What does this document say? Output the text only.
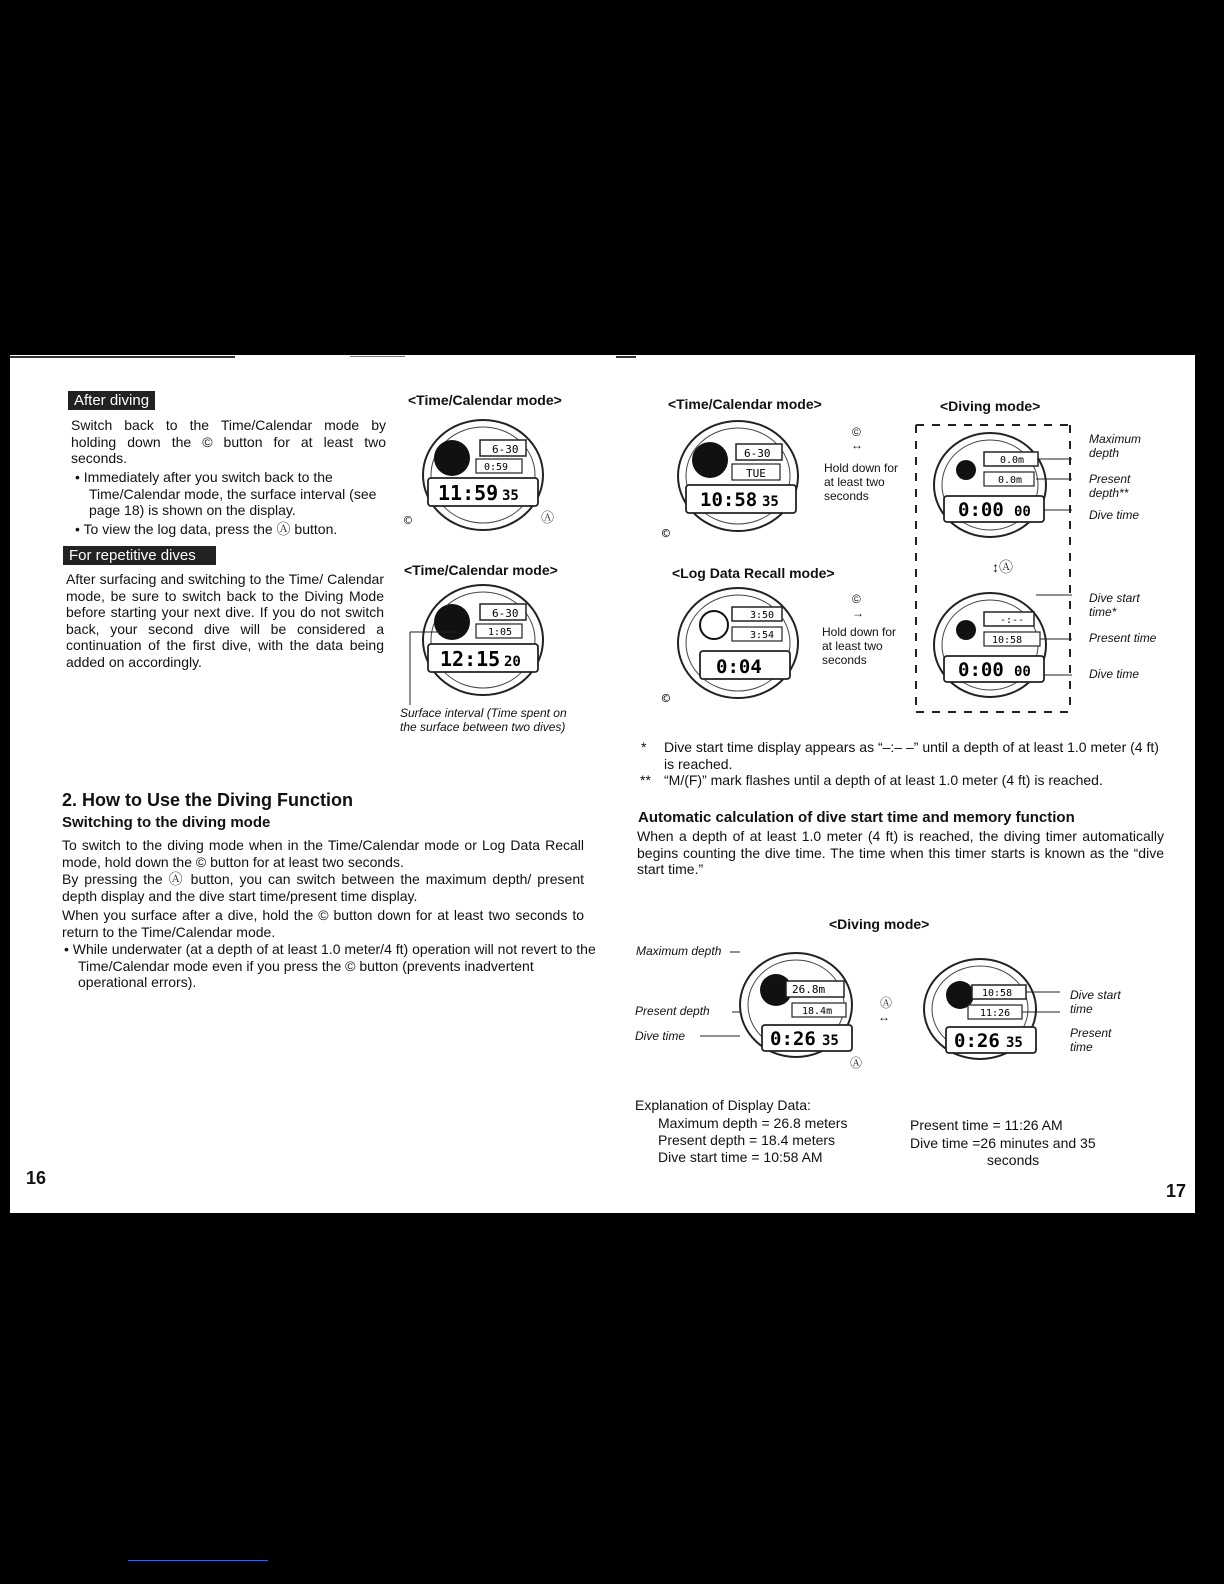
After diving
Switch back to the Time/Calendar mode by holding down the © button for at least two seconds.
• Immediately after you switch back to the Time/Calendar mode, the surface interval (see page 18) is shown on the display.
• To view the log data, press the Ⓐ button.
For repetitive dives
After surfacing and switching to the Time/ Calendar mode, be sure to switch back to the Diving Mode before starting your next dive. If you do not switch back, your second dive will be considered a continuation of the first dive, with the data being added on accordingly.
<Time/Calendar mode>
<Time/Calendar mode>
6-30
0:59
11:59 35
©	Ⓐ
6-30
1:05
12:15 20
Surface interval (Time spent on the surface between two dives)
2. How to Use the Diving Function
Switching to the diving mode
To switch to the diving mode when in the Time/Calendar mode or Log Data Recall mode, hold down the © button for at least two seconds.
By pressing the Ⓐ button, you can switch between the maximum depth/ present depth display and the dive start time/present time display.
When you surface after a dive, hold the © button down for at least two seconds to return to the Time/Calendar mode.
• While underwater (at a depth of at least 1.0 meter/4 ft) operation will not revert to the Time/Calendar mode even if you press the © button (prevents inadvertent operational errors).
16
<Time/Calendar mode>	<Diving mode>
<Log Data Recall mode>
6-30
TUE
10:58 35
©
©
↔
Hold down for at least two seconds
0.0m
0.0m
0:00 00
Maximum depth
Present depth**
Dive time
↕Ⓐ
3:50
3:54
0:04
©
©
→
Hold down for at least two seconds
-:--
10:58
0:00 00
Dive start time*
Present time
Dive time
* Dive start time display appears as “–:– –” until a depth of at least 1.0 meter (4 ft) is reached.
** “M/(F)” mark flashes until a depth of at least 1.0 meter (4 ft) is reached.
Automatic calculation of dive start time and memory function
When a depth of at least 1.0 meter (4 ft) is reached, the diving timer automatically begins counting the dive time. The time when this timer starts is known as the “dive start time.”
<Diving mode>
26.8m
18.4m
0:26 35
Ⓐ
Maximum depth
Present depth
Dive time
Ⓐ
↔
10:58
11:26
0:26 35
Dive start time
Present time
Explanation of Display Data:
Maximum depth = 26.8 meters
Present depth = 18.4 meters
Dive start time = 10:58 AM
Present time = 11:26 AM
Dive time =26 minutes and 35
seconds
17
